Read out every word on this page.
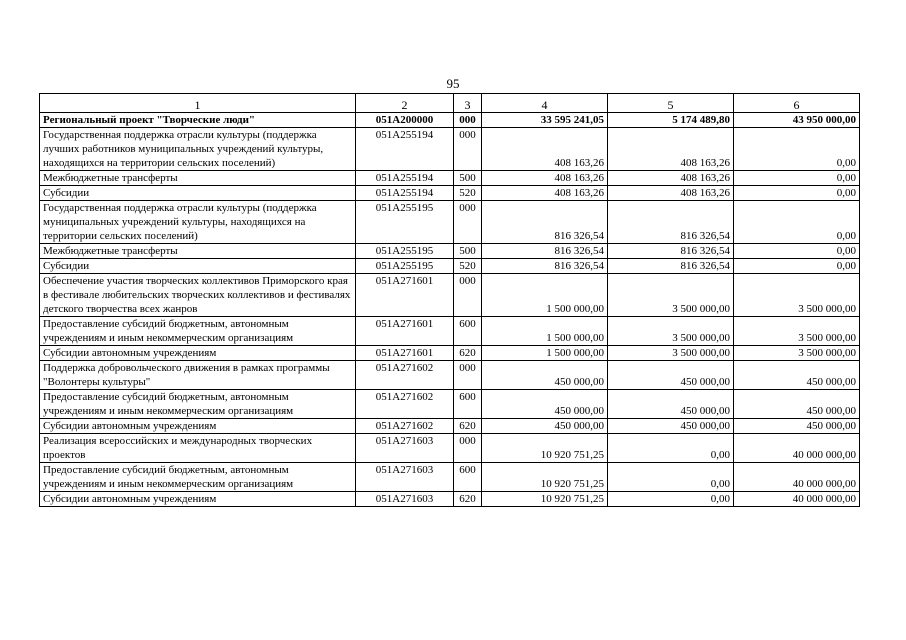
95
1	2	3	4	5	6
Региональный проект "Творческие люди"	051A200000	000	33 595 241,05	5 174 489,80	43 950 000,00
Государственная поддержка отрасли культуры (поддержка лучших работников муниципальных учреждений культуры, находящихся на территории сельских поселений)	051A255194	000	408 163,26	408 163,26	0,00
Межбюджетные трансферты	051A255194	500	408 163,26	408 163,26	0,00
Субсидии	051A255194	520	408 163,26	408 163,26	0,00
Государственная поддержка отрасли культуры (поддержка муниципальных учреждений культуры, находящихся на территории сельских поселений)	051A255195	000	816 326,54	816 326,54	0,00
Межбюджетные трансферты	051A255195	500	816 326,54	816 326,54	0,00
Субсидии	051A255195	520	816 326,54	816 326,54	0,00
Обеспечение участия творческих коллективов Приморского края в фестивале любительских творческих коллективов и фестивалях детского творчества всех жанров	051A271601	000	1 500 000,00	3 500 000,00	3 500 000,00
Предоставление субсидий бюджетным, автономным учреждениям и иным некоммерческим организациям	051A271601	600	1 500 000,00	3 500 000,00	3 500 000,00
Субсидии автономным учреждениям	051A271601	620	1 500 000,00	3 500 000,00	3 500 000,00
Поддержка добровольческого движения в рамках программы "Волонтеры культуры"	051A271602	000	450 000,00	450 000,00	450 000,00
Предоставление субсидий бюджетным, автономным учреждениям и иным некоммерческим организациям	051A271602	600	450 000,00	450 000,00	450 000,00
Субсидии автономным учреждениям	051A271602	620	450 000,00	450 000,00	450 000,00
Реализация всероссийских и международных творческих проектов	051A271603	000	10 920 751,25	0,00	40 000 000,00
Предоставление субсидий бюджетным, автономным учреждениям и иным некоммерческим организациям	051A271603	600	10 920 751,25	0,00	40 000 000,00
Субсидии автономным учреждениям	051A271603	620	10 920 751,25	0,00	40 000 000,00
